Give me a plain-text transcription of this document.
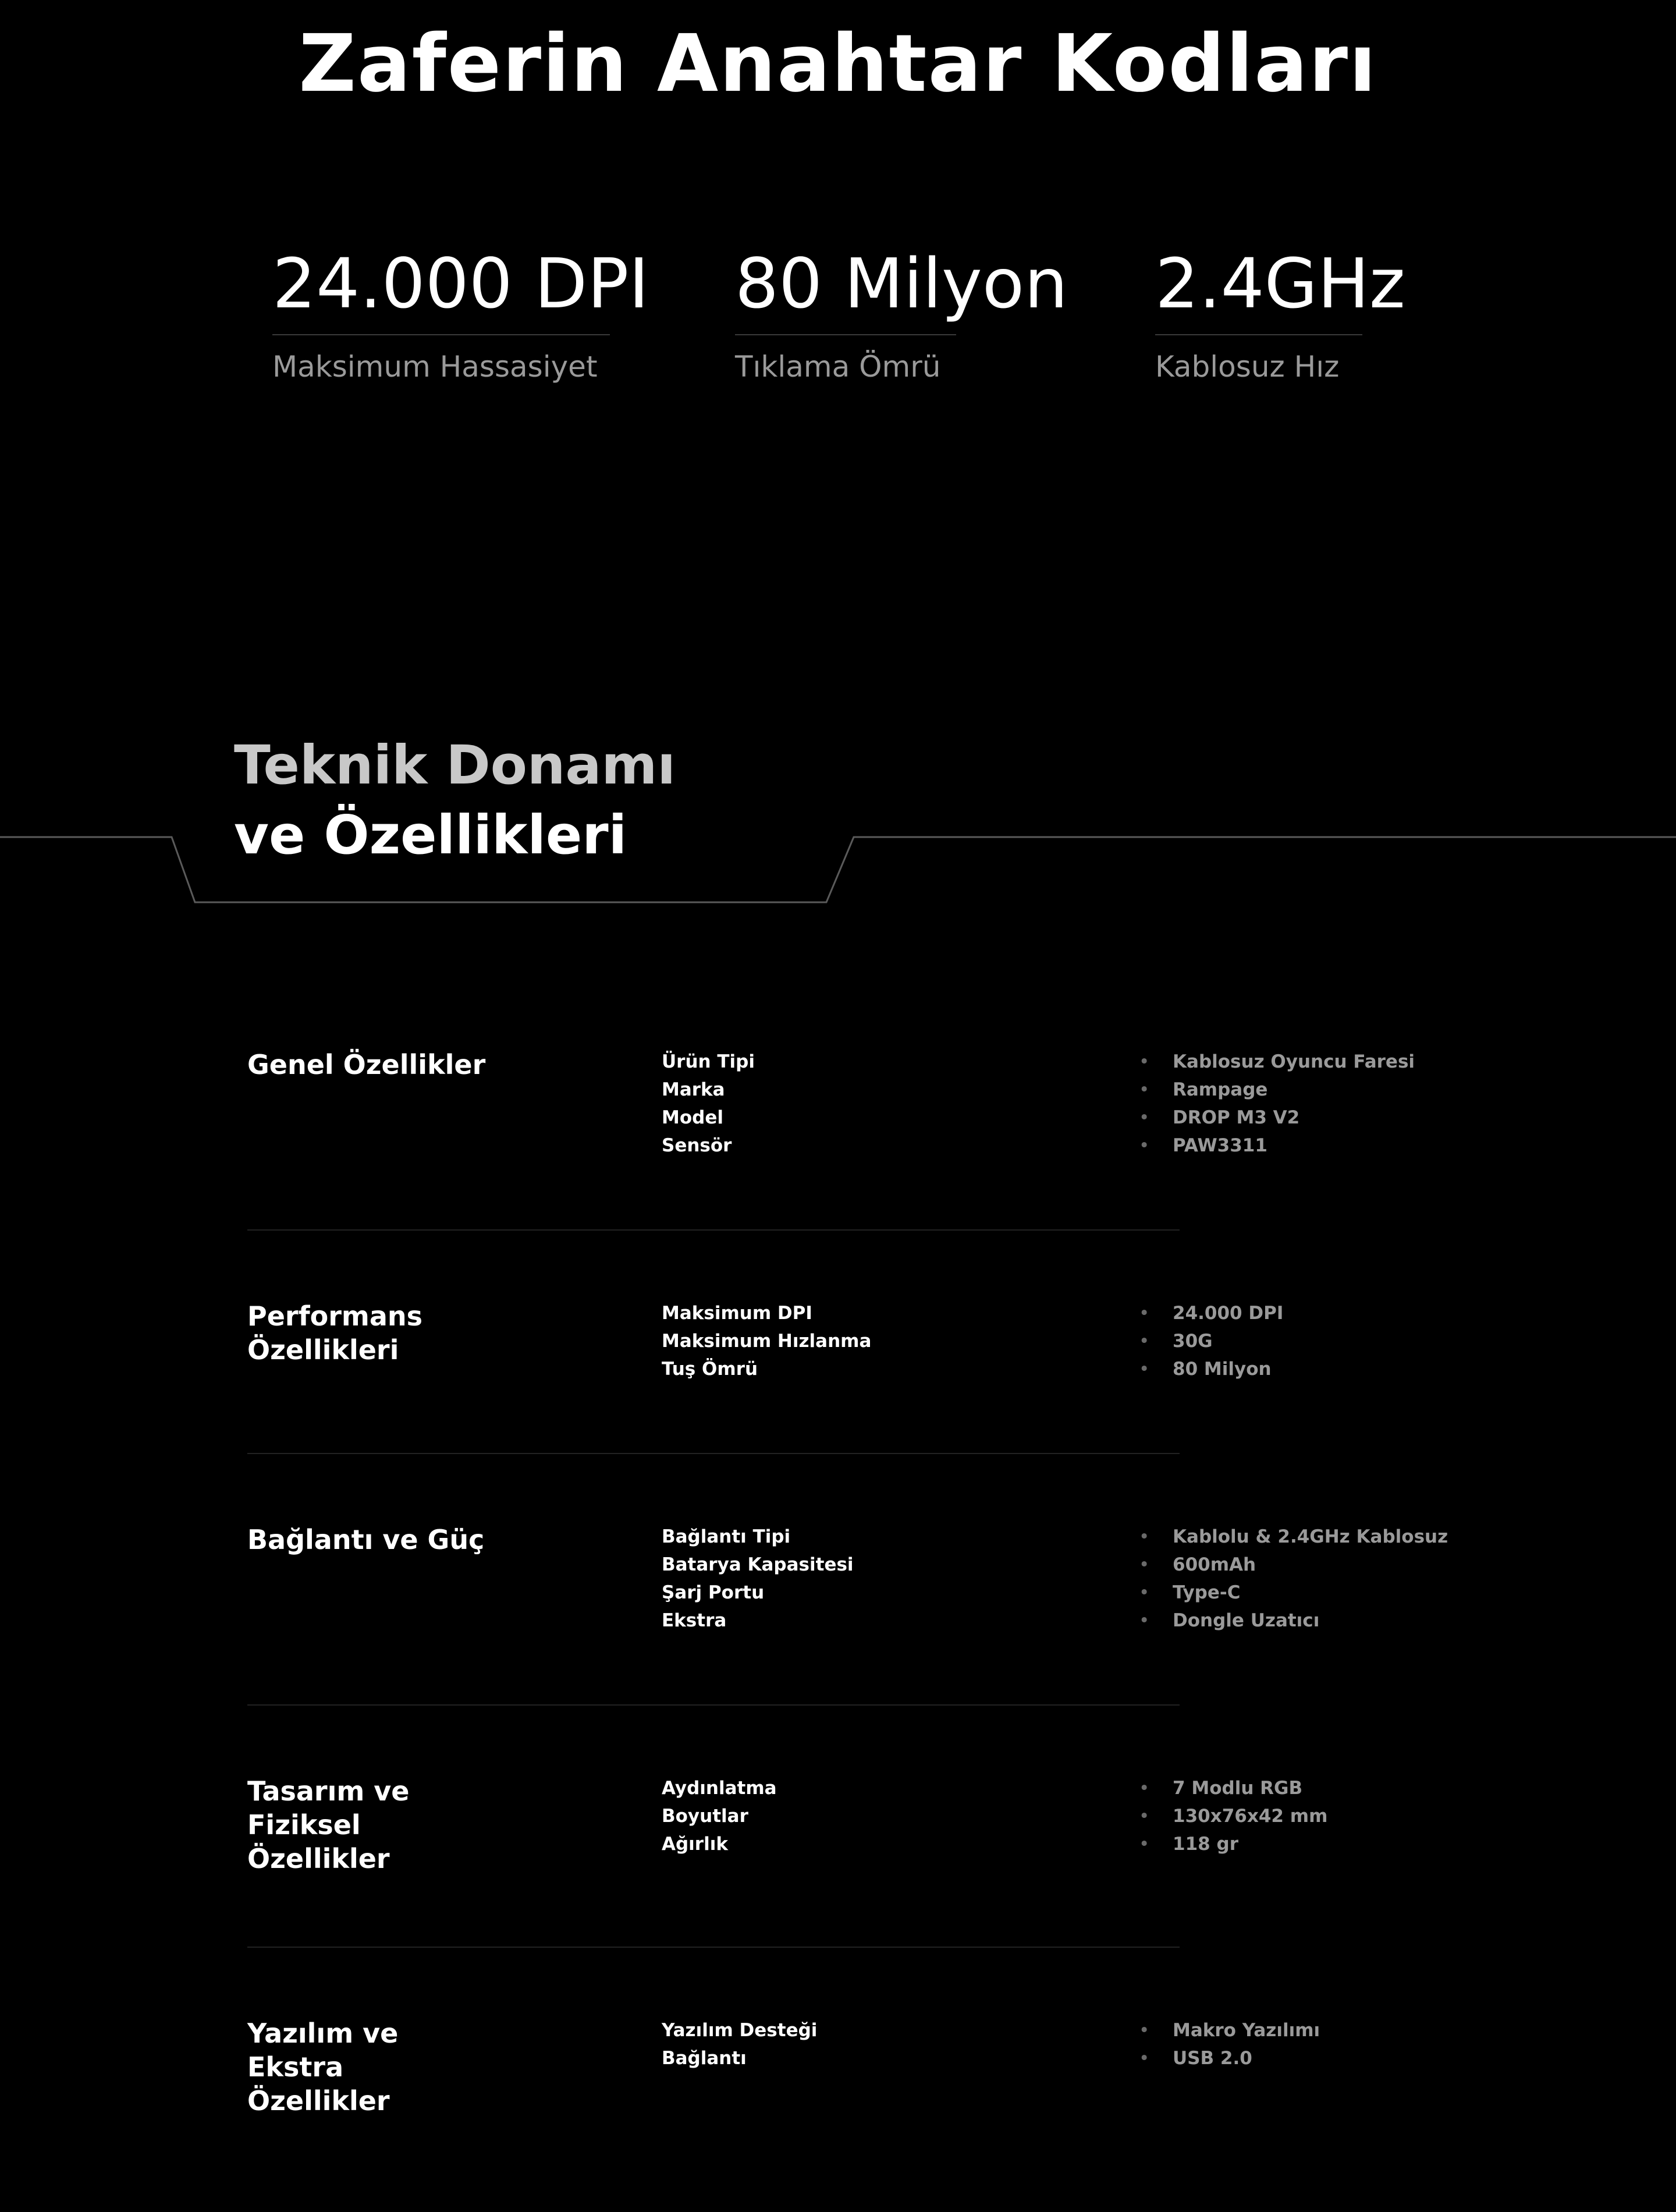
Zaferin Anahtar Kodları
24.000 DPI
Maksimum Hassasiyet
80 Milyon
Tıklama Ömrü
2.4GHz
Kablosuz Hız
Teknik Donamı
ve Özellikleri
Genel Özellikler	Ürün Tipi	• Kablosuz Oyuncu Faresi
Marka	• Rampage
Model	• DROP M3 V2
Sensör	• PAW3311
Performans Özellikleri
Maksimum DPI	• 24.000 DPI
Maksimum Hızlanma	• 30G
Tuş Ömrü	• 80 Milyon
Bağlantı ve Güç	Bağlantı Tipi	• Kablolu & 2.4GHz Kablosuz
Batarya Kapasitesi	• 600mAh
Şarj Portu	• Type-C
Ekstra	• Dongle Uzatıcı
Tasarım ve Fiziksel Özellikler
Aydınlatma	• 7 Modlu RGB
Boyutlar	• 130x76x42 mm
Ağırlık	• 118 gr
Yazılım ve Ekstra Özellikler
Yazılım Desteği	• Makro Yazılımı
Bağlantı	• USB 2.0
